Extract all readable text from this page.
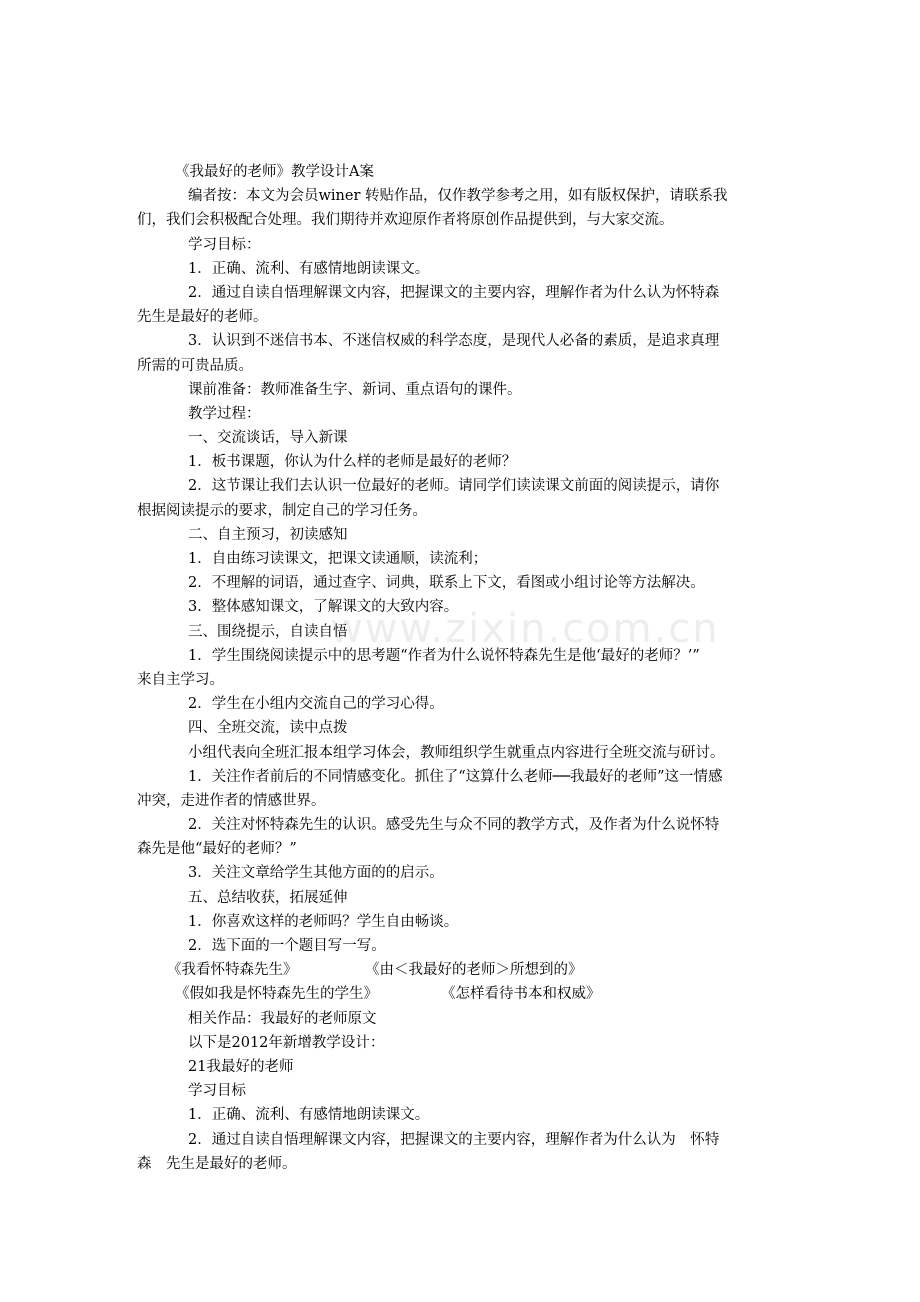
www.zixin.com.cn
《我最好的老师》教学设计A案
编者按：本文为会员winer 转贴作品，仅作教学参考之用，如有版权保护，请联系我
们，我们会积极配合处理。我们期待并欢迎原作者将原创作品提供到，与大家交流。
学习目标：
1．正确、流利、有感情地朗读课文。
2．通过自读自悟理解课文内容，把握课文的主要内容，理解作者为什么认为怀特森
先生是最好的老师。
3．认识到不迷信书本、不迷信权威的科学态度，是现代人必备的素质，是追求真理
所需的可贵品质。
课前准备：教师准备生字、新词、重点语句的课件。
教学过程：
一、交流谈话，导入新课
1．板书课题，你认为什么样的老师是最好的老师？
2．这节课让我们去认识一位最好的老师。请同学们读读课文前面的阅读提示，请你
根据阅读提示的要求，制定自己的学习任务。
二、自主预习，初读感知
1．自由练习读课文，把课文读通顺，读流利；
2．不理解的词语，通过查字、词典，联系上下文，看图或小组讨论等方法解决。
3．整体感知课文，了解课文的大致内容。
三、围绕提示，自读自悟
1．学生围绕阅读提示中的思考题“作者为什么说怀特森先生是他‘最好的老师？’”
来自主学习。
2．学生在小组内交流自己的学习心得。
四、全班交流，读中点拨
小组代表向全班汇报本组学习体会，教师组织学生就重点内容进行全班交流与研讨。
1．关注作者前后的不同情感变化。抓住了“这算什么老师──我最好的老师”这一情感
冲突，走进作者的情感世界。
2．关注对怀特森先生的认识。感受先生与众不同的教学方式，及作者为什么说怀特
森先是他“最好的老师？”
3．关注文章给学生其他方面的的启示。
五、总结收获，拓展延伸
1．你喜欢这样的老师吗？学生自由畅谈。
2．选下面的一个题目写一写。
《我看怀特森先生》	《由＜我最好的老师＞所想到的》
《假如我是怀特森先生的学生》	《怎样看待书本和权威》
相关作品：我最好的老师原文
以下是2012年新增教学设计：
21我最好的老师
学习目标
1．正确、流利、有感情地朗读课文。
2．通过自读自悟理解课文内容，把握课文的主要内容，理解作者为什么认为　怀特
森　先生是最好的老师。
